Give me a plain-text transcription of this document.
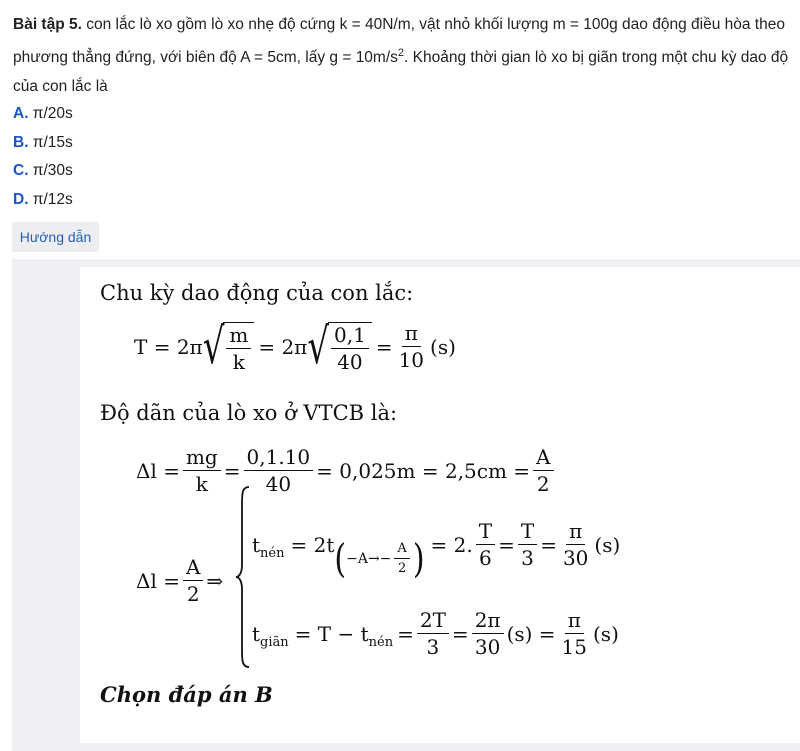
Bài tập 5. con lắc lò xo gồm lò xo nhẹ độ cứng k = 40N/m, vật nhỏ khối lượng m = 100g dao động điều hòa theo
phương thẳng đứng, với biên độ A = 5cm, lấy $g = 10m/s^2$. Khoảng thời gian lò xo bị giãn trong một chu kỳ dao độ
của con lắc là
A. π/20s
B. π/15s
C. π/30s
D. π/12s
Hướng dẫn
Chu kỳ dao động của con lắc:
T = 2π √ $\frac{m}{k} = 2\pi$ √ $\frac{0,1}{40} = \frac{\pi}{10} (s)$
Độ dãn của lò xo ở VTCB là:
$\Delta l = \frac{mg}{k} = \frac{0,1.10}{40} = 0,025m = 2,5cm = \frac{A}{2}$
$\Delta l = \frac{A}{2}$ ⇒
t nén = 2t ( $-A\to- \frac{A}{2}$ ) = 2. $\frac{T}{6} = \frac{T}{3} = \frac{\pi}{30} (s)$
t giãn = T − t nén = $\frac{2T}{3} = \frac{2\pi}{30} (s) = \frac{\pi}{15} (s)$
Chọn đáp án B
